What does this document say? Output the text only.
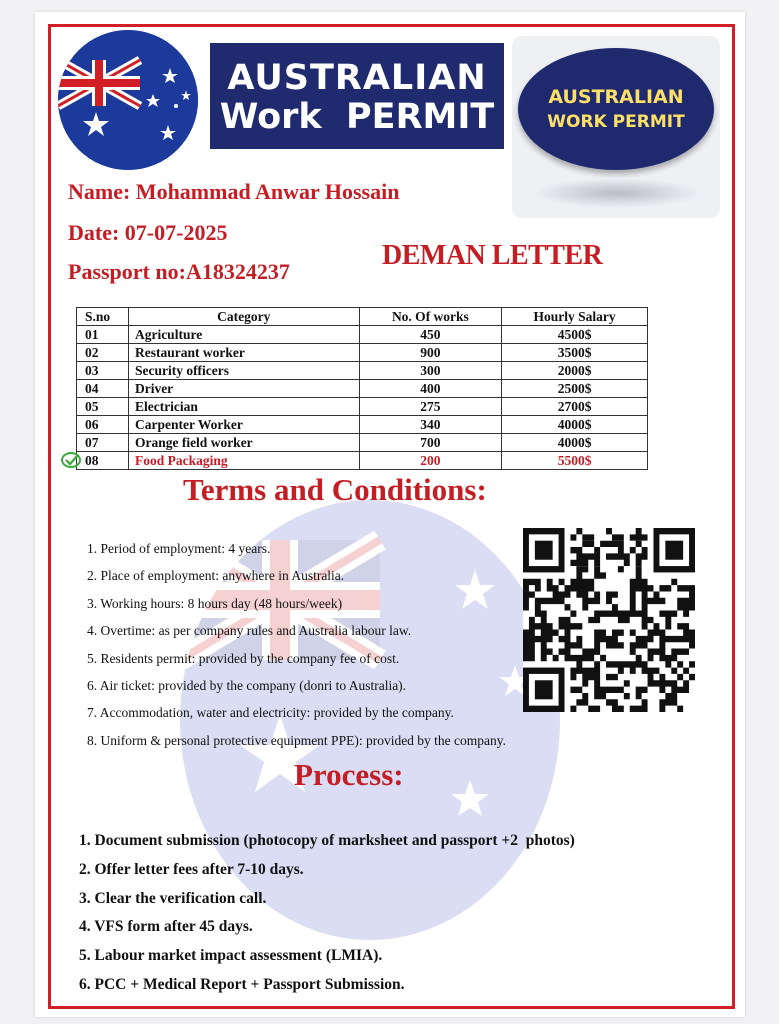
AUSTRALIAN
Work  PERMIT	AUSTRALIAN
WORK PERMIT
Name: Mohammad Anwar Hossain
Date: 07-07-2025
Passport no:A18324237
DEMAN LETTER
S.no	Category	No. Of works	Hourly Salary
01	Agriculture	450	4500$
02	Restaurant worker	900	3500$
03	Security officers	300	2000$
04	Driver	400	2500$
05	Electrician	275	2700$
06	Carpenter Worker	340	4000$
07	Orange field worker	700	4000$
08	Food Packaging	200	5500$
Terms and Conditions:
1. Period of employment: 4 years.
2. Place of employment: anywhere in Australia.
3. Working hours: 8 hours day (48 hours/week)
4. Overtime: as per company rules and Australia labour law.
5. Residents permit: provided by the company fee of cost.
6. Air ticket: provided by the company (donri to Australia).
7. Accommodation, water and electricity: provided by the company.
8. Uniform & personal protective equipment PPE): provided by the company.
Process:
1. Document submission (photocopy of marksheet and passport +2  photos)
2. Offer letter fees after 7-10 days.
3. Clear the verification call.
4. VFS form after 45 days.
5. Labour market impact assessment (LMIA).
6. PCC + Medical Report + Passport Submission.
